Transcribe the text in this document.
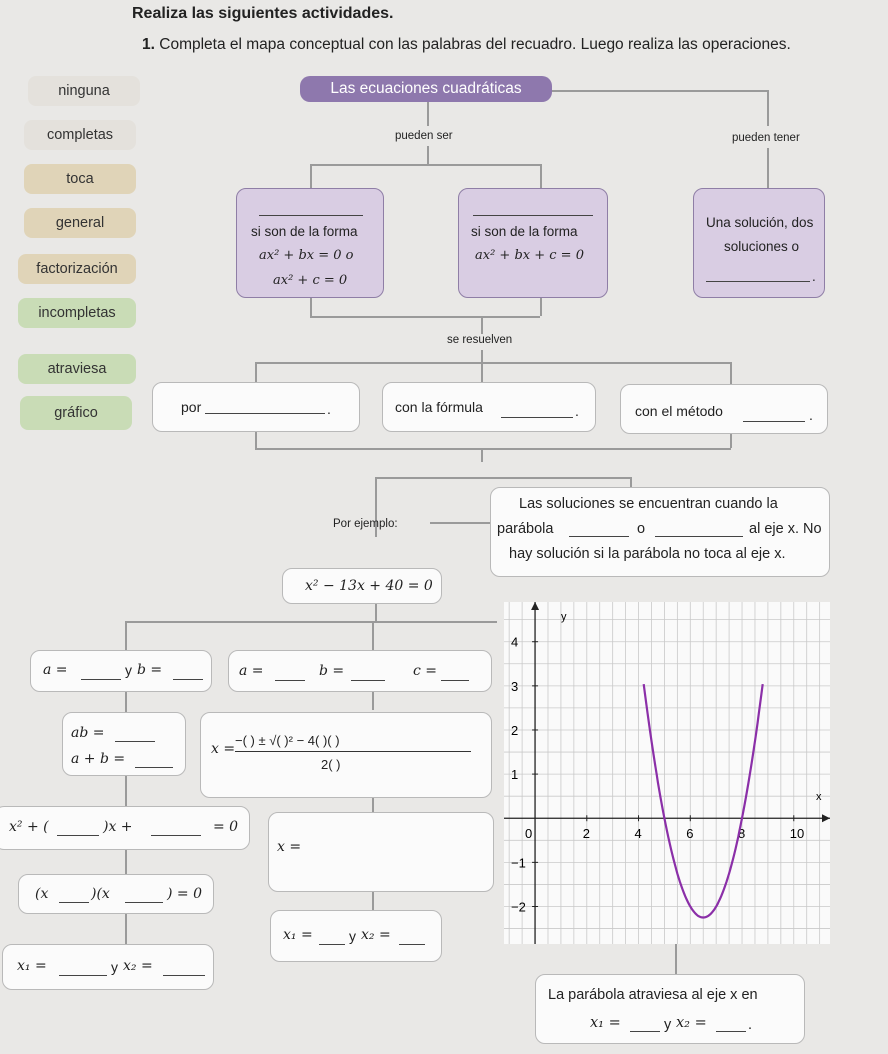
Realiza las siguientes actividades.
1. Completa el mapa conceptual con las palabras del recuadro. Luego realiza las operaciones.
ninguna
completas
toca
general
factorización
incompletas
atraviesa
gráfico
Las ecuaciones cuadráticas
pueden ser	pueden tener
si son de la forma
ax² + bx = 0 o
ax² + c = 0
si son de la forma
ax² + bx + c = 0
Una solución, dos
soluciones o
.
se resuelven
por	.	con la fórmula	.	con el método	.
Las soluciones se encuentran cuando la
parábola	o	al eje x. No
hay solución si la parábola no toca al eje x.
Por ejemplo:
x² − 13x + 40 = 0
a =	y b =	a =	b =	c =
ab =
a + b =
x =
−( ) ± √( )² − 4( )( )
2( )
x² + (	)x +	= 0
x =
(x	)(x	) = 0
x₁ =	y x₂ =
x₁ =	y x₂ =
La parábola atraviesa al eje x en
x₁ =	y x₂ =	.
x
y
0	2	4	6	8	10
−2
−1
1
2
3
4
